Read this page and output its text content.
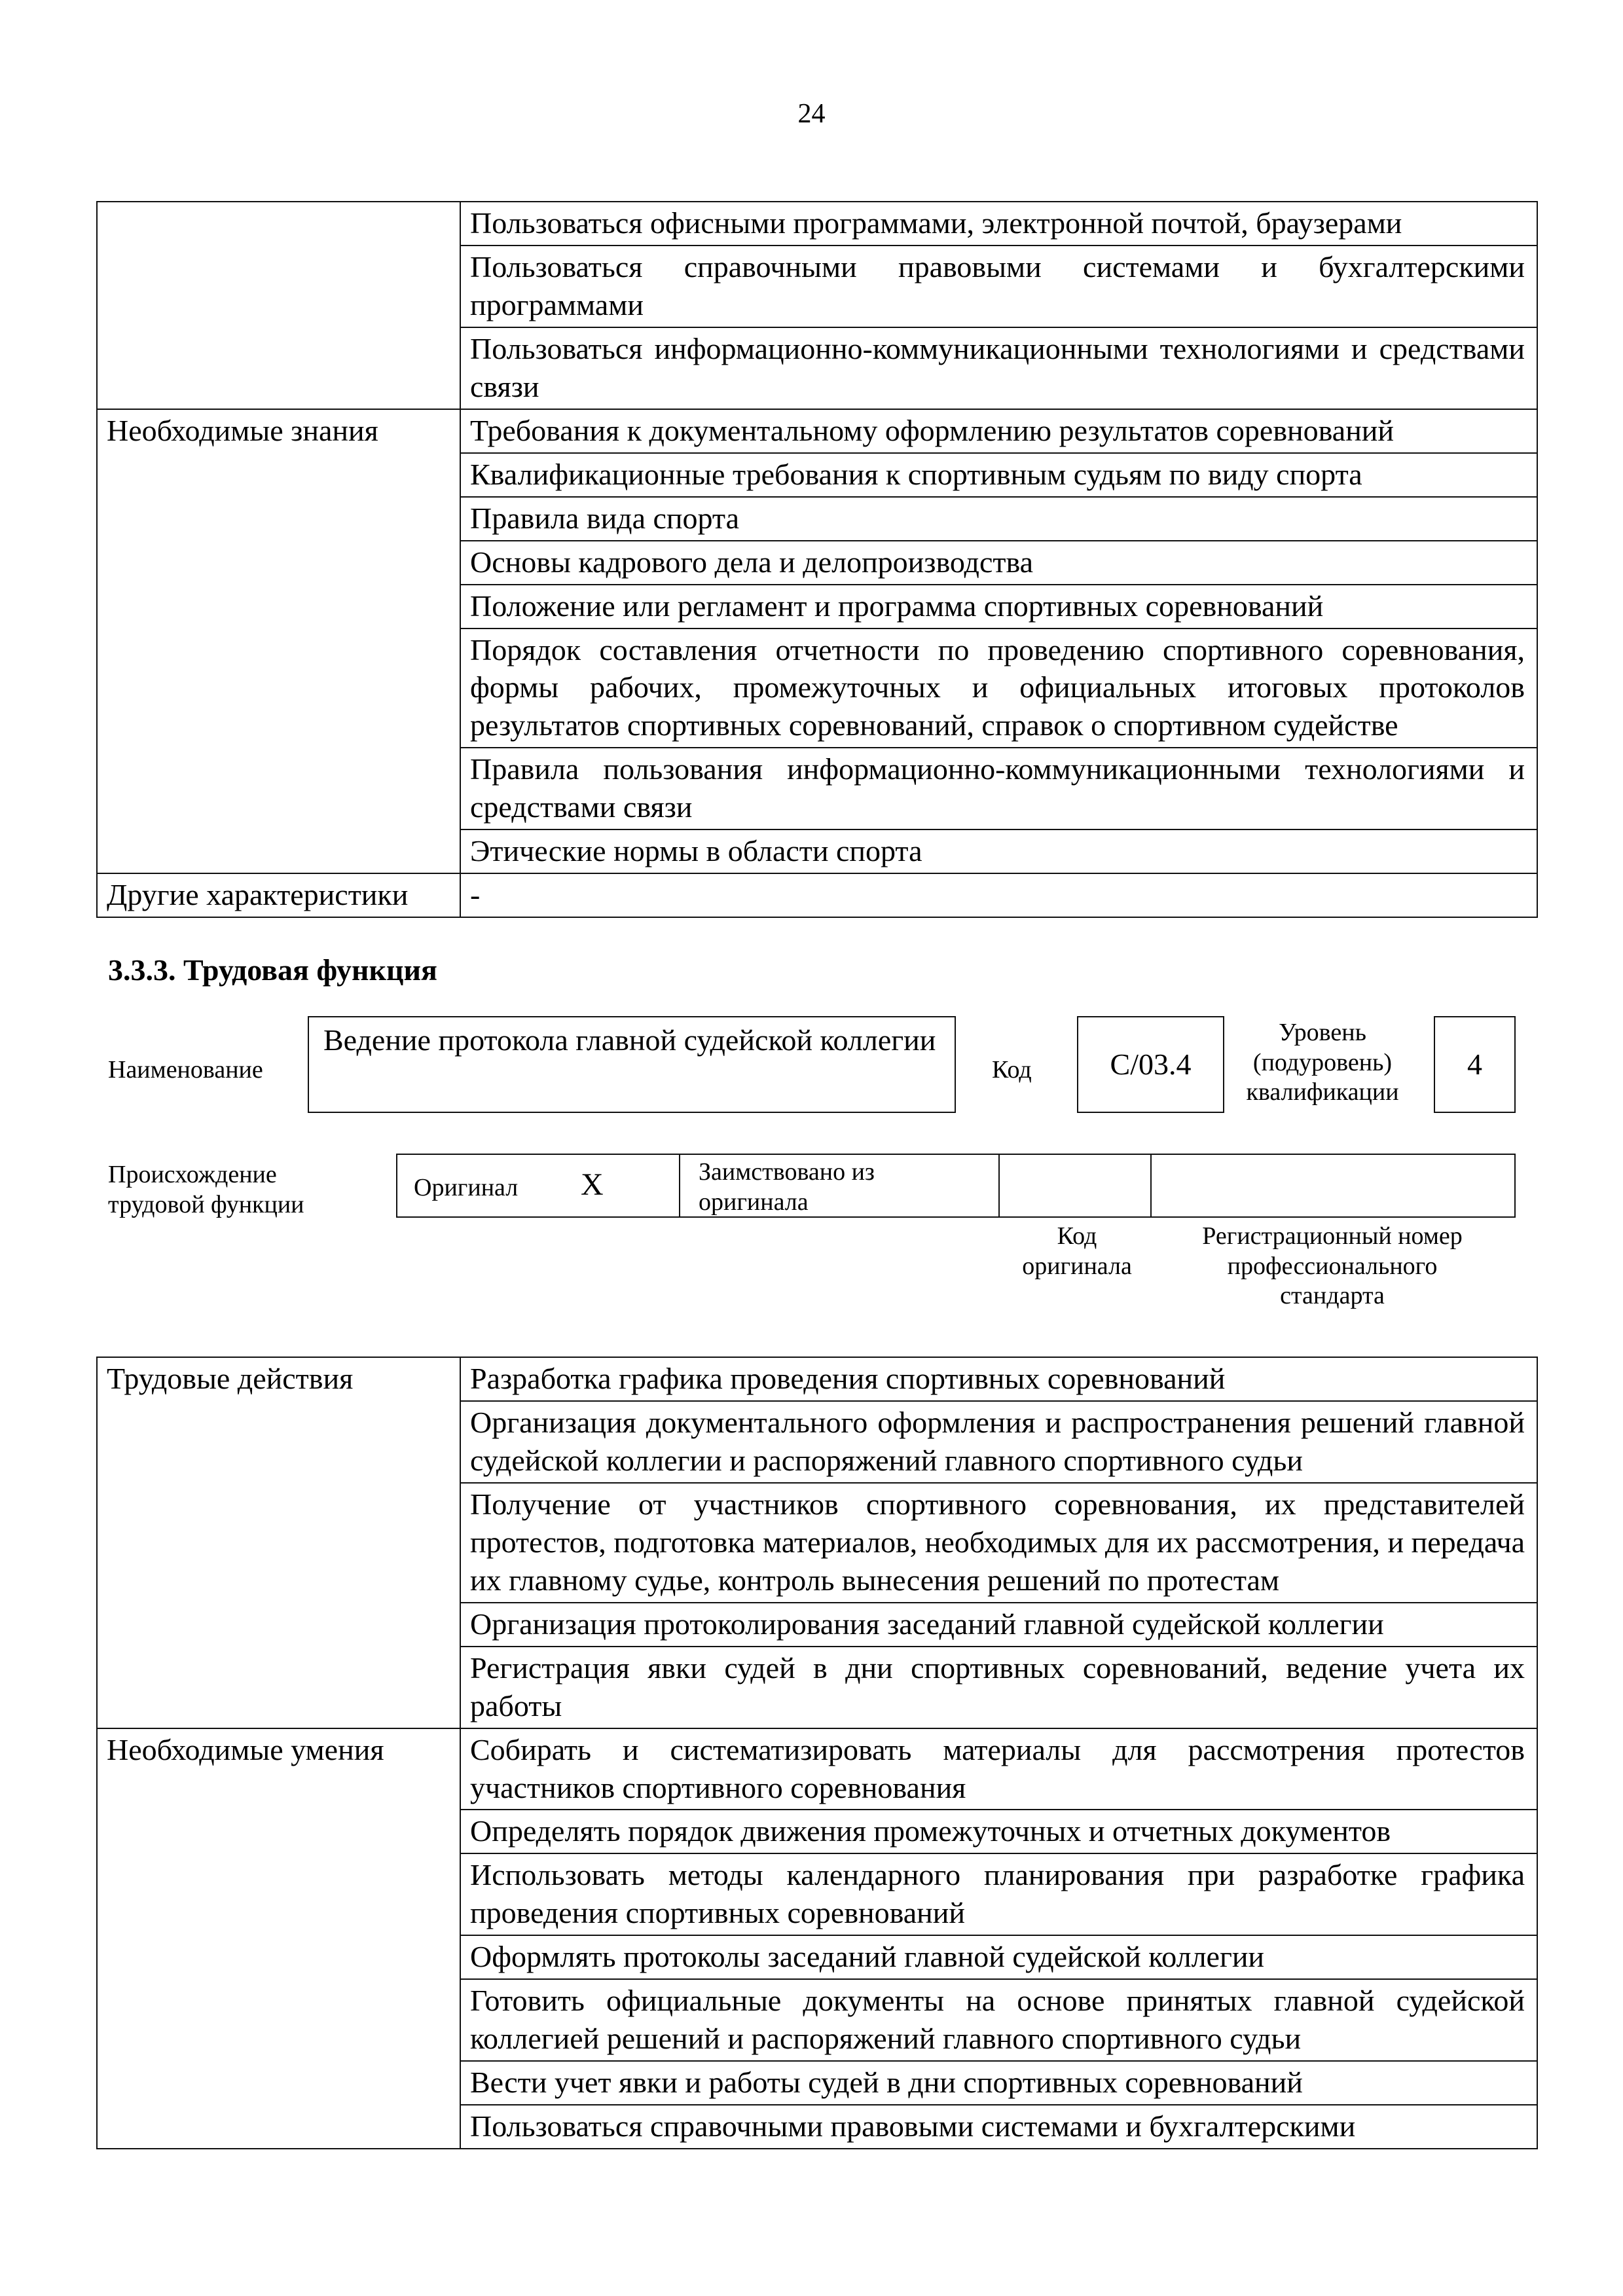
24
	Пользоваться офисными программами, электронной почтой, браузерами
	Пользоваться справочными правовыми системами и бухгалтерскими программами
	Пользоваться информационно-коммуникационными технологиями и средствами связи
Необходимые знания	Требования к документальному оформлению результатов соревнований
	Квалификационные требования к спортивным судьям по виду спорта
	Правила вида спорта
	Основы кадрового дела и делопроизводства
	Положение или регламент и программа спортивных соревнований
	Порядок составления отчетности по проведению спортивного соревнования, формы рабочих, промежуточных и официальных итоговых протоколов результатов спортивных соревнований, справок о спортивном судействе
	Правила пользования информационно-коммуникационными технологиями и средствами связи
	Этические нормы в области спорта
Другие характеристики	-
3.3.3. Трудовая функция
Наименование
Ведение протокола главной судейской коллегии
Код	C/03.4
Уровень (подуровень) квалификации
4
Происхождение трудовой функции
Оригинал X	Заимствовано из оригинала
Код оригинала
Регистрационный номер профессионального стандарта
Трудовые действия	Разработка графика проведения спортивных соревнований
	Организация документального оформления и распространения решений главной судейской коллегии и распоряжений главного спортивного судьи
	Получение от участников спортивного соревнования, их представителей протестов, подготовка материалов, необходимых для их рассмотрения, и передача их главному судье, контроль вынесения решений по протестам
	Организация протоколирования заседаний главной судейской коллегии
	Регистрация явки судей в дни спортивных соревнований, ведение учета их работы
Необходимые умения	Собирать и систематизировать материалы для рассмотрения протестов участников спортивного соревнования
	Определять порядок движения промежуточных и отчетных документов
	Использовать методы календарного планирования при разработке графика проведения спортивных соревнований
	Оформлять протоколы заседаний главной судейской коллегии
	Готовить официальные документы на основе принятых главной судейской коллегией решений и распоряжений главного спортивного судьи
	Вести учет явки и работы судей в дни спортивных соревнований
	Пользоваться справочными правовыми системами и бухгалтерскими
